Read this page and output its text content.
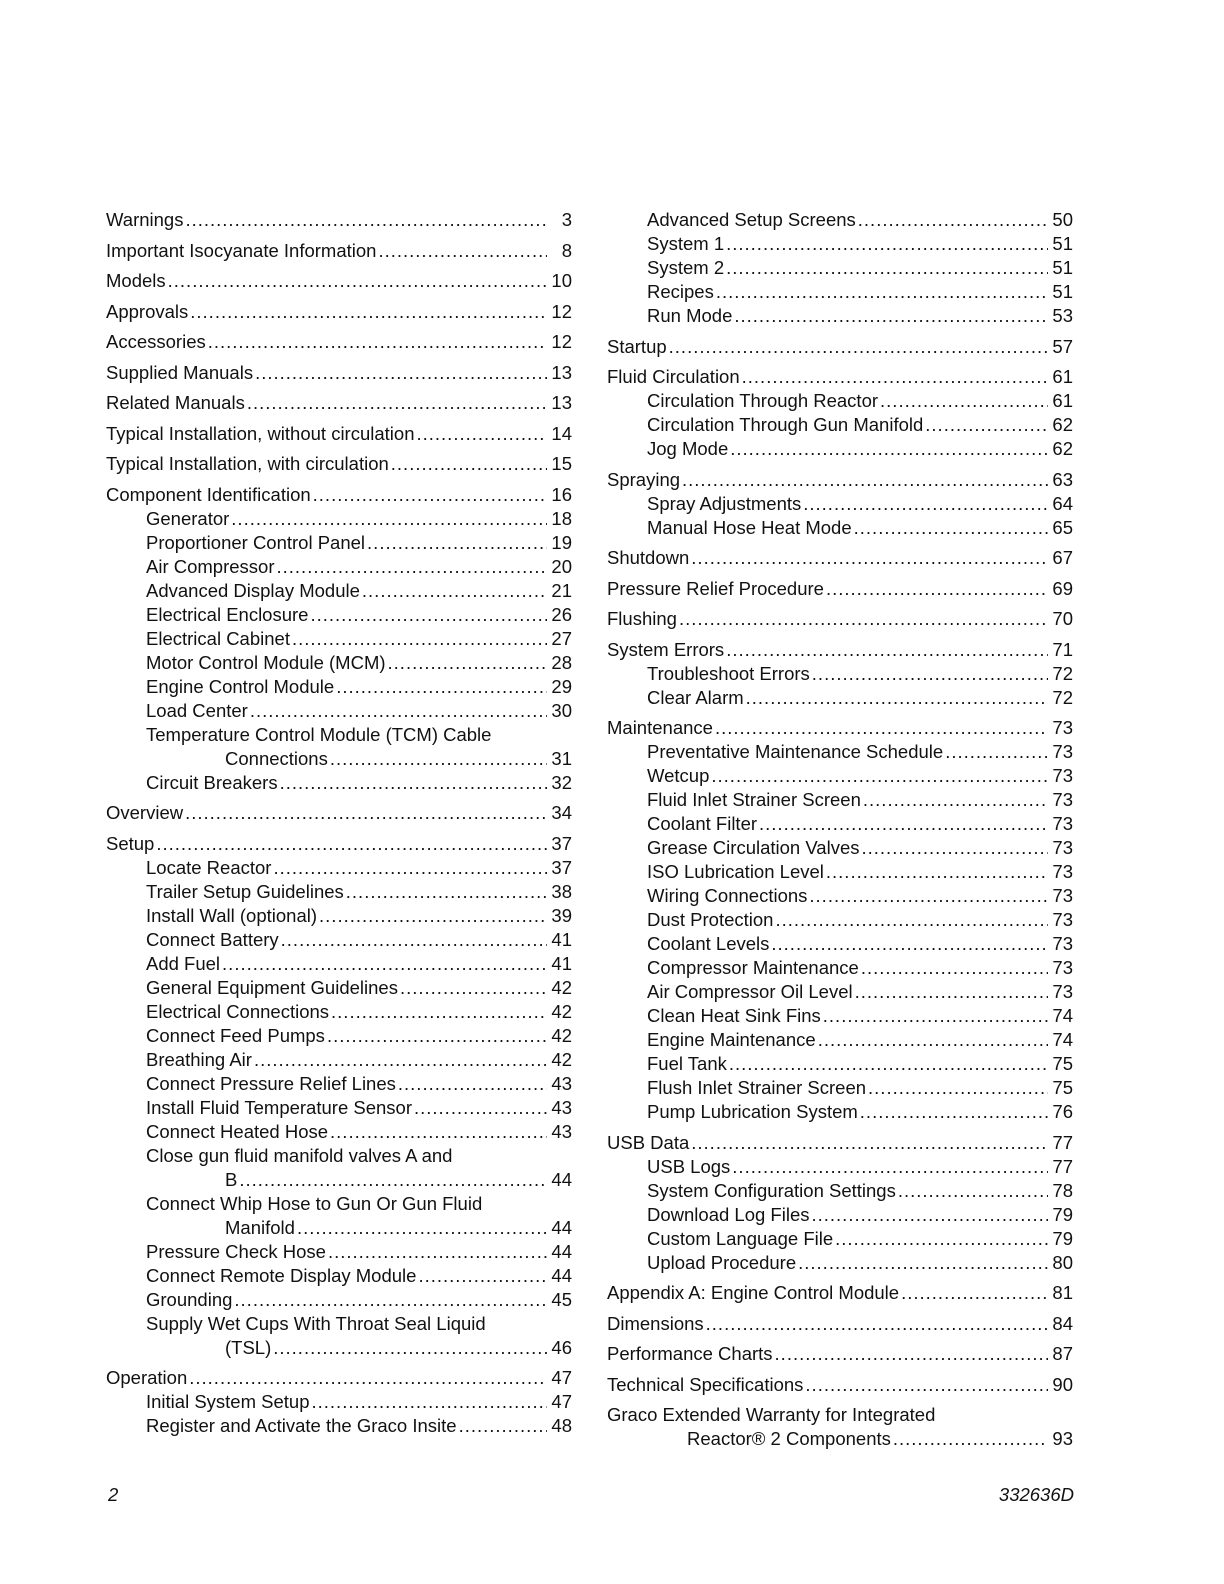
Warnings .....	3
Important Isocyanate Information .....	8
Models .....	10
Approvals .....	12
Accessories .....	12
Supplied Manuals .....	13
Related Manuals .....	13
Typical Installation, without circulation .....	14
Typical Installation, with circulation .....	15
Component Identification .....	16
Generator .....	18
Proportioner Control Panel .....	19
Air Compressor .....	20
Advanced Display Module .....	21
Electrical Enclosure .....	26
Electrical Cabinet .....	27
Motor Control Module (MCM) .....	28
Engine Control Module .....	29
Load Center .....	30
Temperature Control Module (TCM) Cable
Connections .....	31
Circuit Breakers .....	32
Overview .....	34
Setup .....	37
Locate Reactor .....	37
Trailer Setup Guidelines .....	38
Install Wall (optional) .....	39
Connect Battery .....	41
Add Fuel .....	41
General Equipment Guidelines .....	42
Electrical Connections .....	42
Connect Feed Pumps .....	42
Breathing Air .....	42
Connect Pressure Relief Lines .....	43
Install Fluid Temperature Sensor .....	43
Connect Heated Hose .....	43
Close gun fluid manifold valves A and
B .....	44
Connect Whip Hose to Gun Or Gun Fluid
Manifold .....	44
Pressure Check Hose .....	44
Connect Remote Display Module .....	44
Grounding .....	45
Supply Wet Cups With Throat Seal Liquid
(TSL) .....	46
Operation .....	47
Initial System Setup .....	47
Register and Activate the Graco Insite .....	48
Advanced Setup Screens .....	50
System 1 .....	51
System 2 .....	51
Recipes .....	51
Run Mode .....	53
Startup .....	57
Fluid Circulation .....	61
Circulation Through Reactor .....	61
Circulation Through Gun Manifold .....	62
Jog Mode .....	62
Spraying .....	63
Spray Adjustments .....	64
Manual Hose Heat Mode .....	65
Shutdown .....	67
Pressure Relief Procedure .....	69
Flushing .....	70
System Errors .....	71
Troubleshoot Errors .....	72
Clear Alarm .....	72
Maintenance .....	73
Preventative Maintenance Schedule .....	73
Wetcup .....	73
Fluid Inlet Strainer Screen .....	73
Coolant Filter .....	73
Grease Circulation Valves .....	73
ISO Lubrication Level .....	73
Wiring Connections .....	73
Dust Protection .....	73
Coolant Levels .....	73
Compressor Maintenance .....	73
Air Compressor Oil Level .....	73
Clean Heat Sink Fins .....	74
Engine Maintenance .....	74
Fuel Tank .....	75
Flush Inlet Strainer Screen .....	75
Pump Lubrication System .....	76
USB Data .....	77
USB Logs .....	77
System Configuration Settings .....	78
Download Log Files .....	79
Custom Language File .....	79
Upload Procedure .....	80
Appendix A: Engine Control Module .....	81
Dimensions .....	84
Performance Charts .....	87
Technical Specifications .....	90
Graco Extended Warranty for Integrated
Reactor® 2 Components .....	93
2	332636D
